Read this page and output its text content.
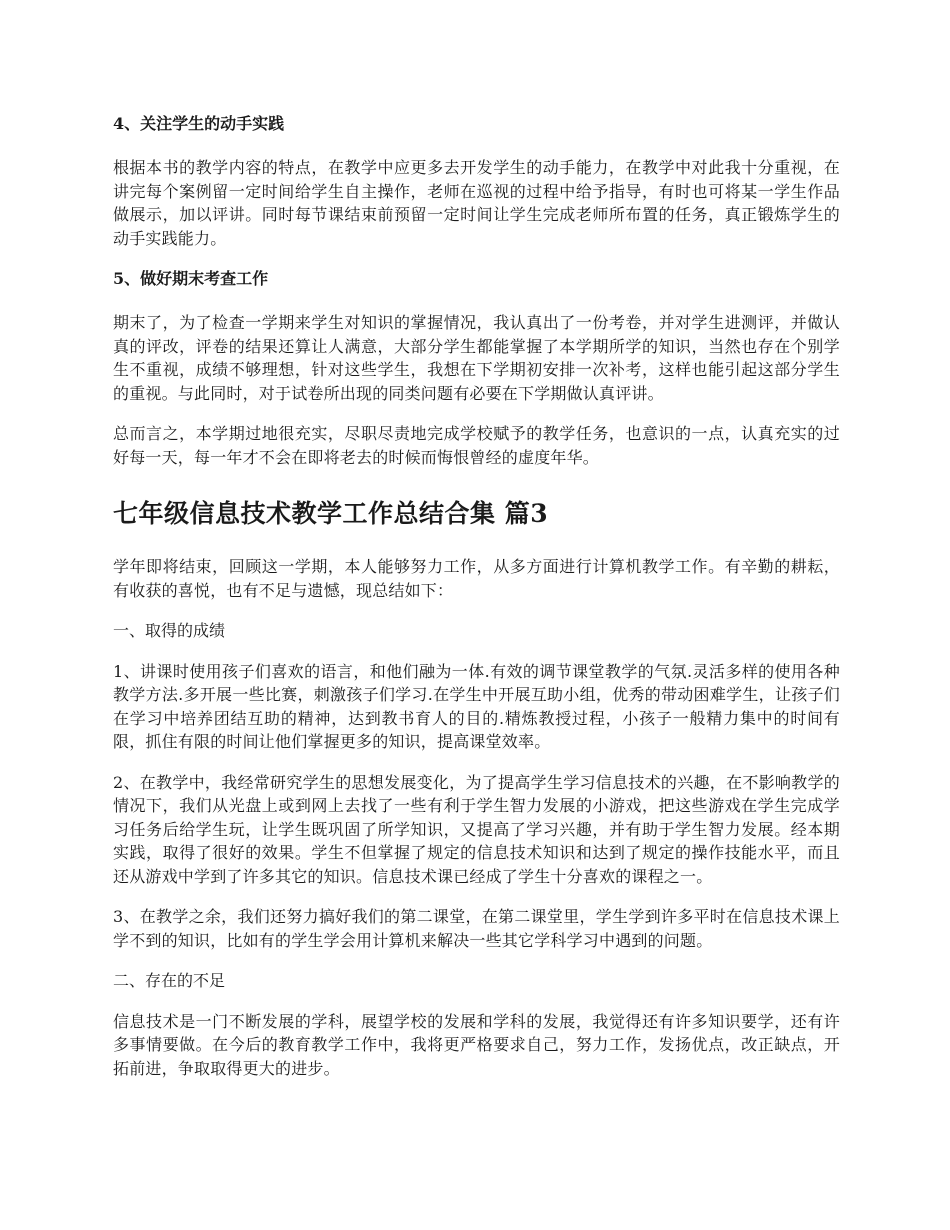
4、关注学生的动手实践

根据本书的教学内容的特点，在教学中应更多去开发学生的动手能力，在教学中对此我十分重视，在讲完每个案例留一定时间给学生自主操作，老师在巡视的过程中给予指导，有时也可将某一学生作品做展示，加以评讲。同时每节课结束前预留一定时间让学生完成老师所布置的任务，真正锻炼学生的动手实践能力。

5、做好期末考查工作

期末了，为了检查一学期来学生对知识的掌握情况，我认真出了一份考卷，并对学生进测评，并做认真的评改，评卷的结果还算让人满意，大部分学生都能掌握了本学期所学的知识，当然也存在个别学生不重视，成绩不够理想，针对这些学生，我想在下学期初安排一次补考，这样也能引起这部分学生的重视。与此同时，对于试卷所出现的同类问题有必要在下学期做认真评讲。

总而言之，本学期过地很充实，尽职尽责地完成学校赋予的教学任务，也意识的一点，认真充实的过好每一天，每一年才不会在即将老去的时候而悔恨曾经的虚度年华。

七年级信息技术教学工作总结合集 篇3

学年即将结束，回顾这一学期，本人能够努力工作，从多方面进行计算机教学工作。有辛勤的耕耘，有收获的喜悦，也有不足与遗憾，现总结如下：

一、取得的成绩

1、讲课时使用孩子们喜欢的语言，和他们融为一体.有效的调节课堂教学的气氛.灵活多样的使用各种教学方法.多开展一些比赛，刺激孩子们学习.在学生中开展互助小组，优秀的带动困难学生，让孩子们在学习中培养团结互助的精神，达到教书育人的目的.精炼教授过程，小孩子一般精力集中的时间有限，抓住有限的时间让他们掌握更多的知识，提高课堂效率。

2、在教学中，我经常研究学生的思想发展变化，为了提高学生学习信息技术的兴趣，在不影响教学的情况下，我们从光盘上或到网上去找了一些有利于学生智力发展的小游戏，把这些游戏在学生完成学习任务后给学生玩，让学生既巩固了所学知识，又提高了学习兴趣，并有助于学生智力发展。经本期实践，取得了很好的效果。学生不但掌握了规定的信息技术知识和达到了规定的操作技能水平，而且还从游戏中学到了许多其它的知识。信息技术课已经成了学生十分喜欢的课程之一。

3、在教学之余，我们还努力搞好我们的第二课堂，在第二课堂里，学生学到许多平时在信息技术课上学不到的知识，比如有的学生学会用计算机来解决一些其它学科学习中遇到的问题。

二、存在的不足

信息技术是一门不断发展的学科，展望学校的发展和学科的发展，我觉得还有许多知识要学，还有许多事情要做。在今后的教育教学工作中，我将更严格要求自己，努力工作，发扬优点，改正缺点，开拓前进，争取取得更大的进步。
